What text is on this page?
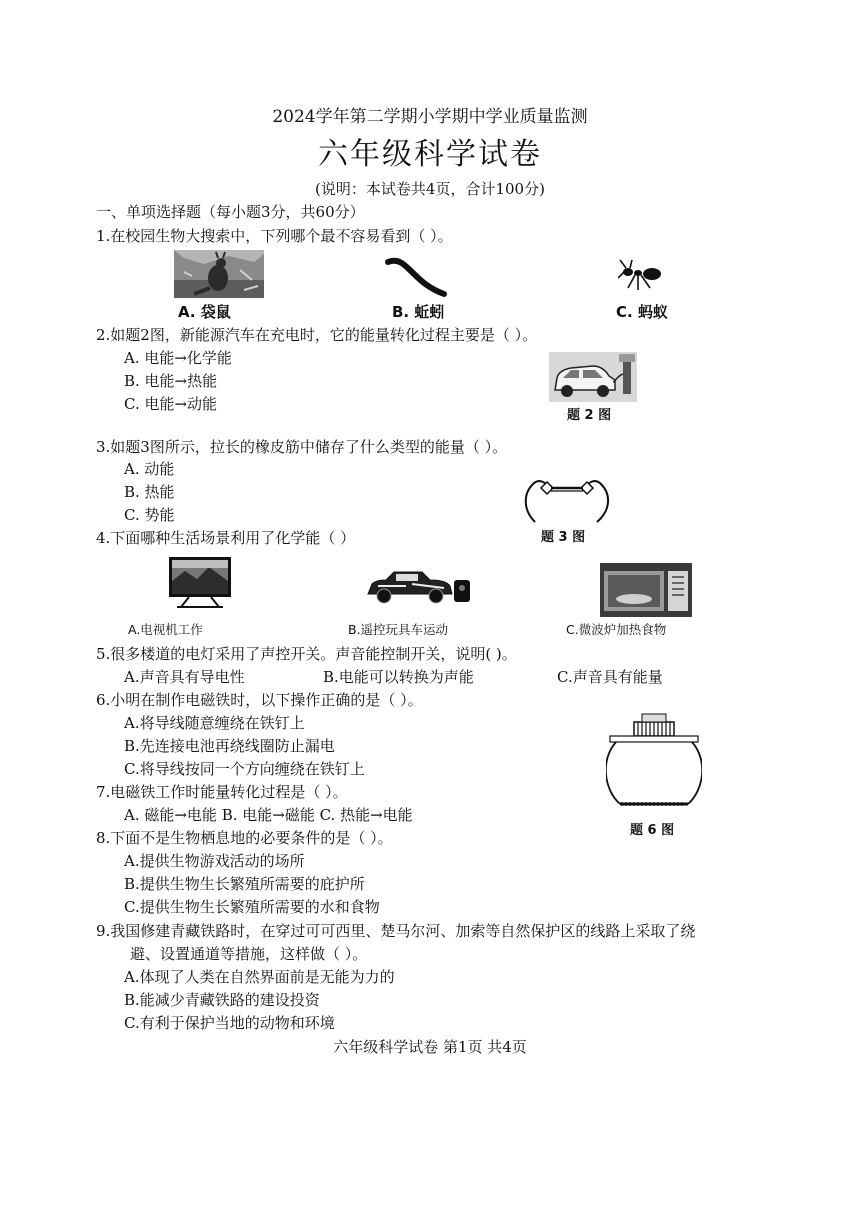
2024学年第二学期小学期中学业质量监测
六年级科学试卷
(说明：本试卷共4页，合计100分)
一、单项选择题（每小题3分，共60分）
1.在校园生物大搜索中，下列哪个最不容易看到（ ）。
A. 袋鼠	B. 蚯蚓	C. 蚂蚁
2.如题2图，新能源汽车在充电时，它的能量转化过程主要是（ ）。
A. 电能→化学能
B. 电能→热能
C. 电能→动能
题 2 图
3.如题3图所示，拉长的橡皮筋中储存了什么类型的能量（ ）。
A. 动能
B. 热能
C. 势能
题 3 图
4.下面哪种生活场景利用了化学能（ ）
A.电视机工作	B.遥控玩具车运动	C.微波炉加热食物
5.很多楼道的电灯采用了声控开关。声音能控制开关，说明( )。
A.声音具有导电性	B.电能可以转换为声能	C.声音具有能量
6.小明在制作电磁铁时，以下操作正确的是（ ）。
A.将导线随意缠绕在铁钉上
B.先连接电池再绕线圈防止漏电
C.将导线按同一个方向缠绕在铁钉上
题 6 图
7.电磁铁工作时能量转化过程是（ ）。
A. 磁能→电能 B. 电能→磁能 C. 热能→电能
8.下面不是生物栖息地的必要条件的是（ ）。
A.提供生物游戏活动的场所
B.提供生物生长繁殖所需要的庇护所
C.提供生物生长繁殖所需要的水和食物
9.我国修建青藏铁路时，在穿过可可西里、楚马尔河、加索等自然保护区的线路上采取了绕
避、设置通道等措施，这样做（ ）。
A.体现了人类在自然界面前是无能为力的
B.能减少青藏铁路的建设投资
C.有利于保护当地的动物和环境
六年级科学试卷 第1页 共4页
